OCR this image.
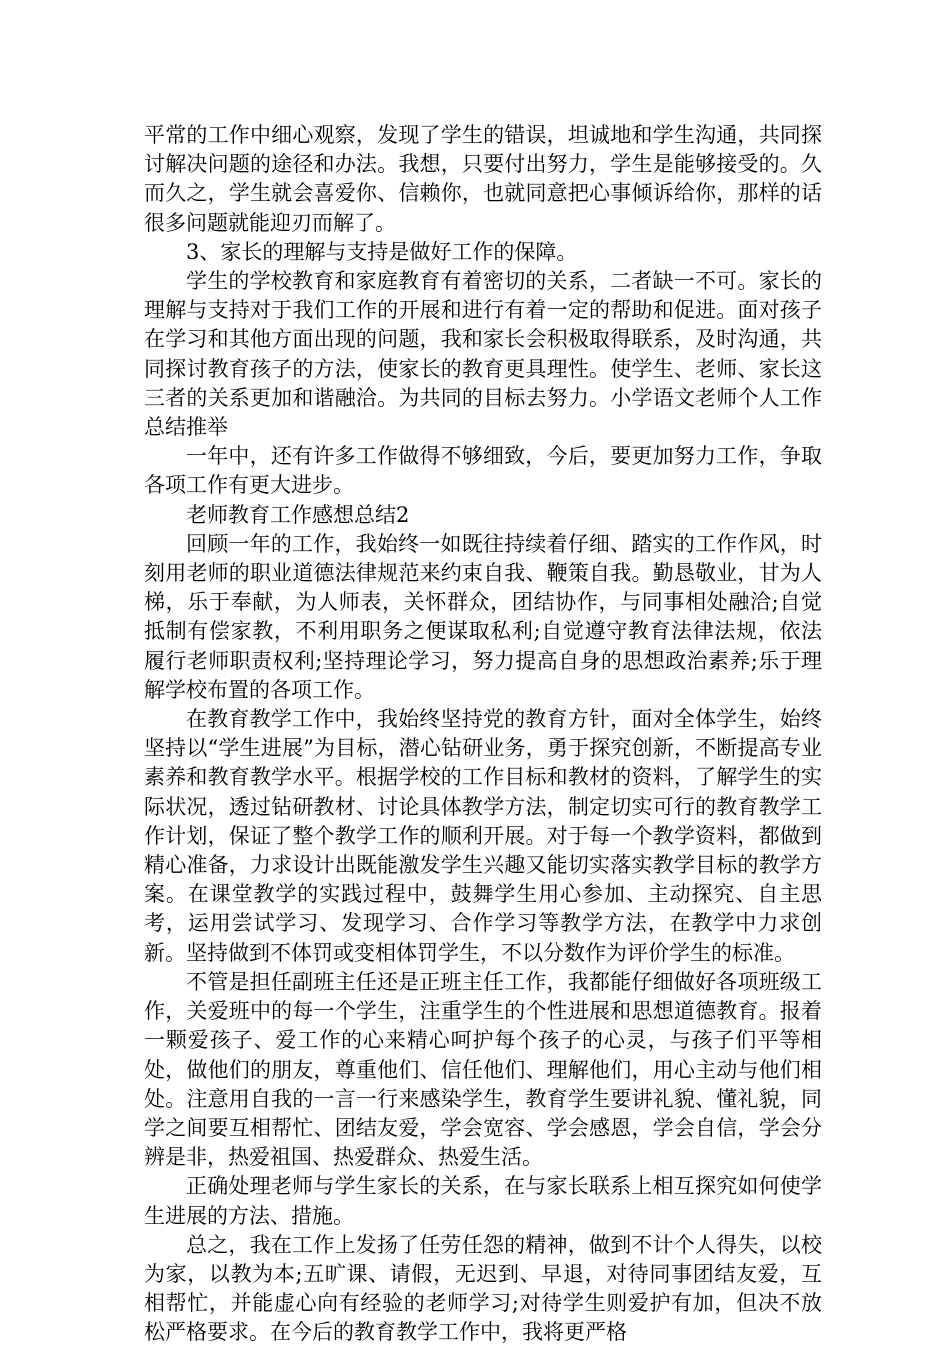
平常的工作中细心观察，发现了学生的错误，坦诚地和学生沟通，共同探讨解决问题的途径和办法。我想，只要付出努力，学生是能够接受的。久而久之，学生就会喜爱你、信赖你，也就同意把心事倾诉给你，那样的话很多问题就能迎刃而解了。

3、家长的理解与支持是做好工作的保障。

学生的学校教育和家庭教育有着密切的关系，二者缺一不可。家长的理解与支持对于我们工作的开展和进行有着一定的帮助和促进。面对孩子在学习和其他方面出现的问题，我和家长会积极取得联系，及时沟通，共同探讨教育孩子的方法，使家长的教育更具理性。使学生、老师、家长这三者的关系更加和谐融洽。为共同的目标去努力。小学语文老师个人工作总结推举

一年中，还有许多工作做得不够细致，今后，要更加努力工作，争取各项工作有更大进步。

老师教育工作感想总结2

回顾一年的工作，我始终一如既往持续着仔细、踏实的工作作风，时刻用老师的职业道德法律规范来约束自我、鞭策自我。勤恳敬业，甘为人梯，乐于奉献，为人师表，关怀群众，团结协作，与同事相处融洽;自觉抵制有偿家教，不利用职务之便谋取私利;自觉遵守教育法律法规，依法履行老师职责权利;坚持理论学习，努力提高自身的思想政治素养;乐于理解学校布置的各项工作。

在教育教学工作中，我始终坚持党的教育方针，面对全体学生，始终坚持以“学生进展”为目标，潜心钻研业务，勇于探究创新，不断提高专业素养和教育教学水平。根据学校的工作目标和教材的资料，了解学生的实际状况，透过钻研教材、讨论具体教学方法，制定切实可行的教育教学工作计划，保证了整个教学工作的顺利开展。对于每一个教学资料，都做到精心准备，力求设计出既能激发学生兴趣又能切实落实教学目标的教学方案。在课堂教学的实践过程中，鼓舞学生用心参加、主动探究、自主思考，运用尝试学习、发现学习、合作学习等教学方法，在教学中力求创新。坚持做到不体罚或变相体罚学生，不以分数作为评价学生的标准。

不管是担任副班主任还是正班主任工作，我都能仔细做好各项班级工作，关爱班中的每一个学生，注重学生的个性进展和思想道德教育。报着一颗爱孩子、爱工作的心来精心呵护每个孩子的心灵，与孩子们平等相处，做他们的朋友，尊重他们、信任他们、理解他们，用心主动与他们相处。注意用自我的一言一行来感染学生，教育学生要讲礼貌、懂礼貌，同学之间要互相帮忙、团结友爱，学会宽容、学会感恩，学会自信，学会分辨是非，热爱祖国、热爱群众、热爱生活。

正确处理老师与学生家长的关系，在与家长联系上相互探究如何使学生进展的方法、措施。

总之，我在工作上发扬了任劳任怨的精神，做到不计个人得失，以校为家，以教为本;五旷课、请假，无迟到、早退，对待同事团结友爱，互相帮忙，并能虚心向有经验的老师学习;对待学生则爱护有加，但决不放松严格要求。在今后的教育教学工作中，我将更严格
